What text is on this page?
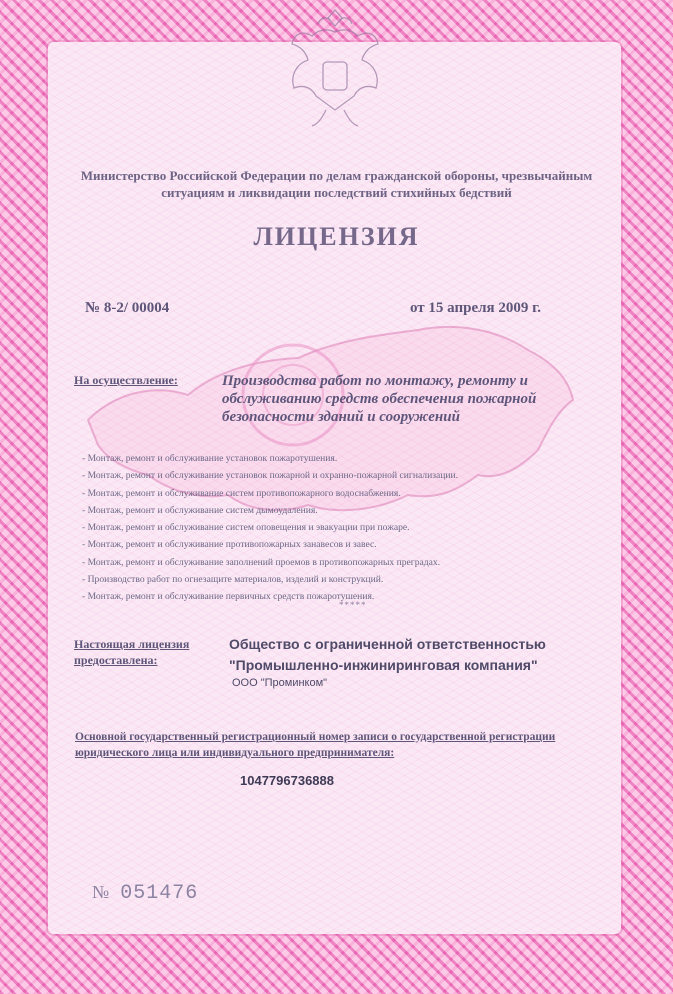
Министерство Российской Федерации по делам гражданской обороны, чрезвычайным ситуациям и ликвидации последствий стихийных бедствий
ЛИЦЕНЗИЯ
№ 8-2/ 00004	от 15 апреля 2009 г.
На осуществление:	Производства работ по монтажу, ремонту и обслуживанию средств обеспечения пожарной безопасности зданий и сооружений
- Монтаж, ремонт и обслуживание установок пожаротушения.
- Монтаж, ремонт и обслуживание установок пожарной и охранно-пожарной сигнализации.
- Монтаж, ремонт и обслуживание систем противопожарного водоснабжения.
- Монтаж, ремонт и обслуживание систем дымоудаления.
- Монтаж, ремонт и обслуживание систем оповещения и эвакуации при пожаре.
- Монтаж, ремонт и обслуживание противопожарных занавесов и завес.
- Монтаж, ремонт и обслуживание заполнений проемов в противопожарных преградах.
- Производство работ по огнезащите материалов, изделий и конструкций.
- Монтаж, ремонт и обслуживание первичных средств пожаротушения.
*****
Настоящая лицензия
предоставлена:
Общество с ограниченной ответственностью
"Промышленно-инжиниринговая компания"
ООО "Проминком"
Основной государственный регистрационный номер записи о государственной регистрации юридического лица или индивидуального предпринимателя:
1047796736888
№ 051476
